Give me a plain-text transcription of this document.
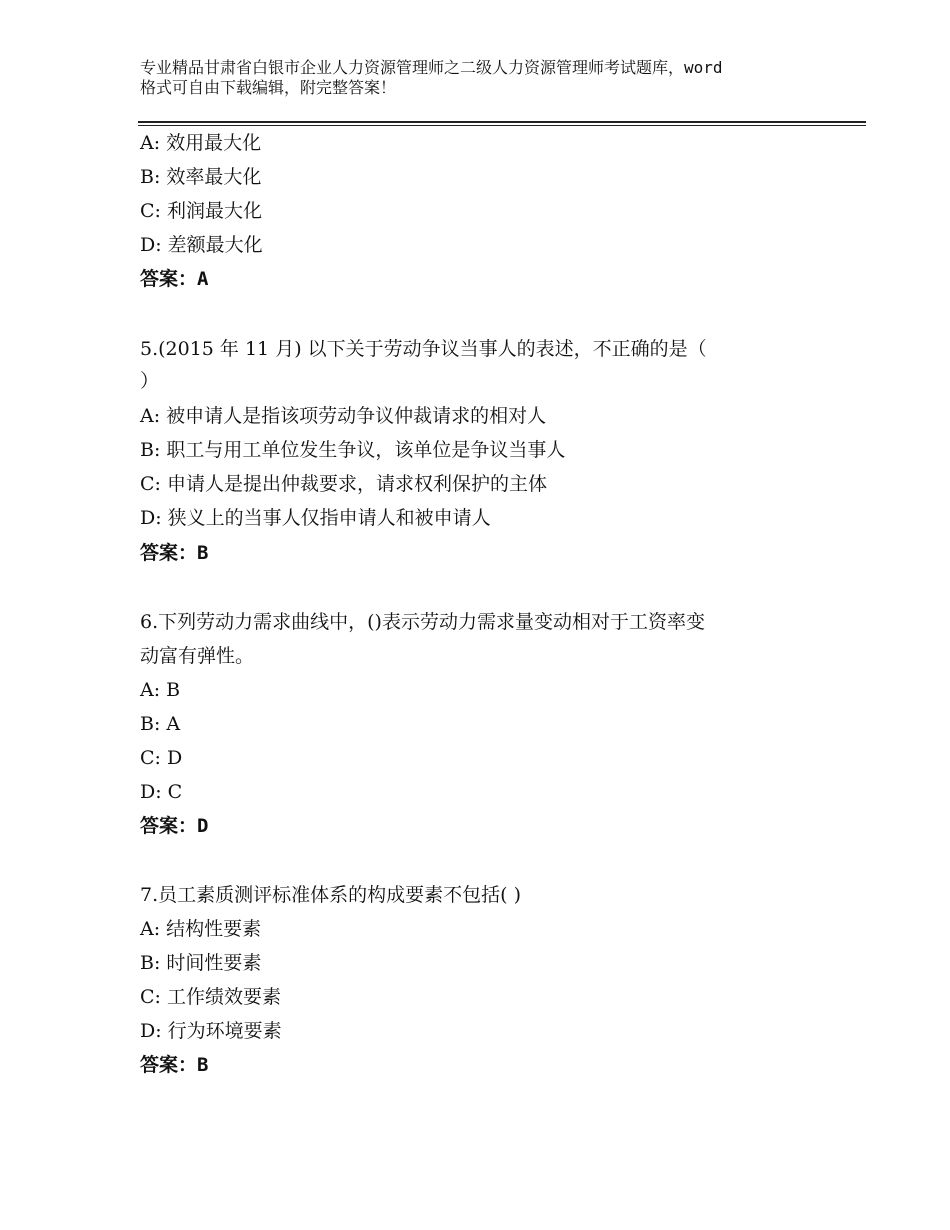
专业精品甘肃省白银市企业人力资源管理师之二级人力资源管理师考试题库，word
格式可自由下载编辑，附完整答案！
A: 效用最大化
B: 效率最大化
C: 利润最大化
D: 差额最大化
答案：A
5.(2015 年 11 月) 以下关于劳动争议当事人的表述，不正确的是（
）
A: 被申请人是指该项劳动争议仲裁请求的相对人
B: 职工与用工单位发生争议，该单位是争议当事人
C: 申请人是提出仲裁要求，请求权利保护的主体
D: 狭义上的当事人仅指申请人和被申请人
答案：B
6.下列劳动力需求曲线中，()表示劳动力需求量变动相对于工资率变
动富有弹性。
A: B
B: A
C: D
D: C
答案：D
7.员工素质测评标准体系的构成要素不包括( )
A: 结构性要素
B: 时间性要素
C: 工作绩效要素
D: 行为环境要素
答案：B
